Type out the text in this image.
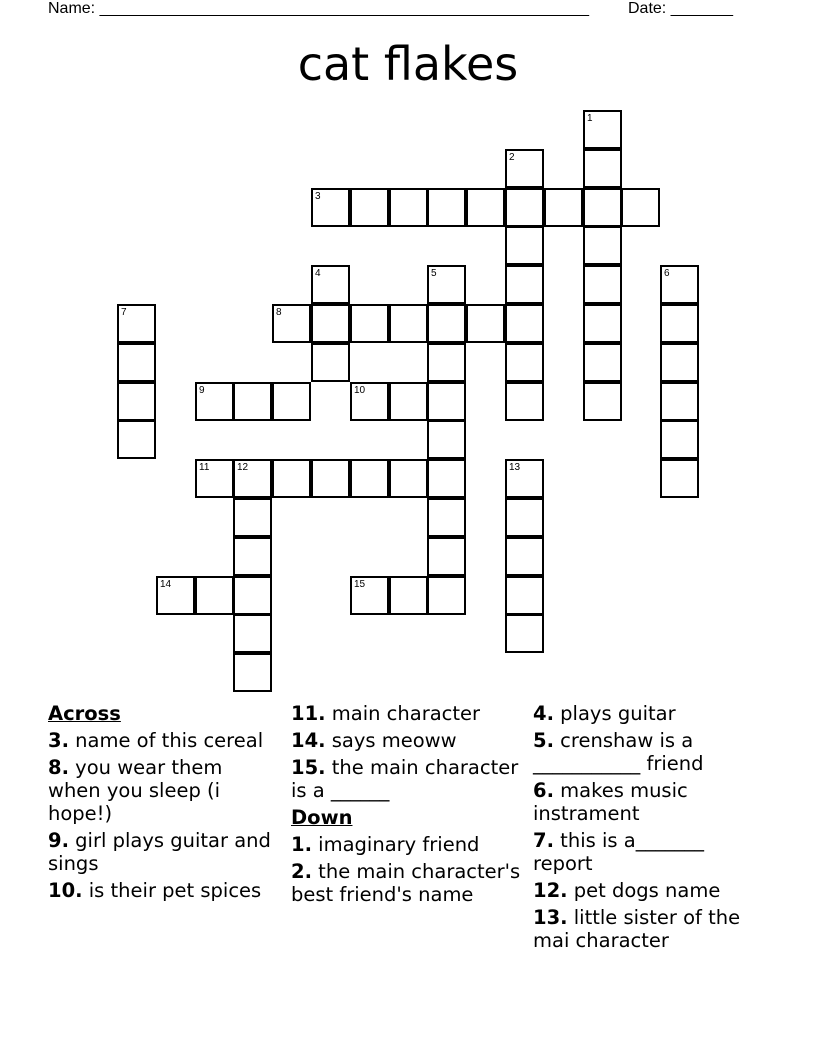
Name: _______________________________________________________ Date: _______
cat flakes
1
2
3
4	5	6
7	8
9	10
11	12	13
14	15
Across
3. name of this cereal
8. you wear them when you sleep (i hope!)
9. girl plays guitar and sings
10. is their pet spices
11. main character
14. says meoww
15. the main character is a ______
Down
1. imaginary friend
2. the main character's best friend's name
4. plays guitar
5. crenshaw is a ___________ friend
6. makes music instrament
7. this is a_______ report
12. pet dogs name
13. little sister of the mai character
